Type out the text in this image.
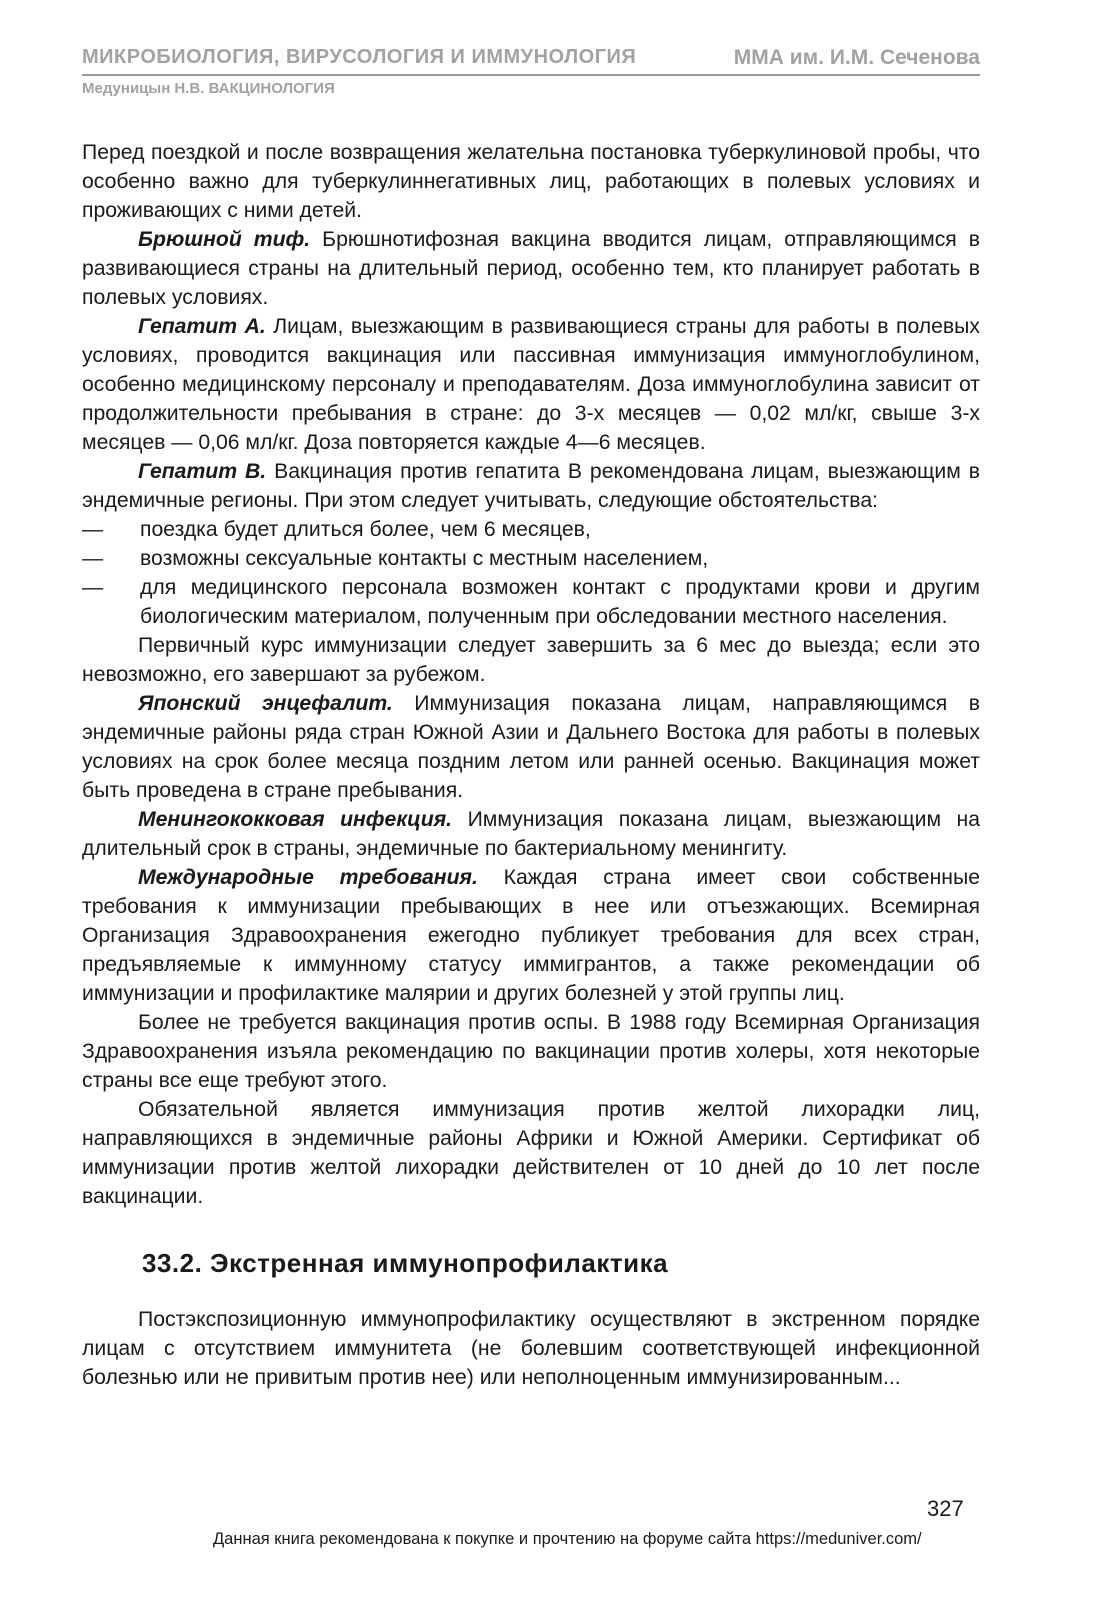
МИКРОБИОЛОГИЯ, ВИРУСОЛОГИЯ И ИММУНОЛОГИЯ	ММА им. И.М. Сеченова
Медуницын Н.В. ВАКЦИНОЛОГИЯ

Перед поездкой и после возвращения желательна постановка туберкулиновой пробы, что особенно важно для туберкулиннегативных лиц, работающих в полевых условиях и проживающих с ними детей.

Брюшной тиф. Брюшнотифозная вакцина вводится лицам, отправляющимся в развивающиеся страны на длительный период, особенно тем, кто планирует работать в полевых условиях.

Гепатит А. Лицам, выезжающим в развивающиеся страны для работы в полевых условиях, проводится вакцинация или пассивная иммунизация иммуноглобулином, особенно медицинскому персоналу и преподавателям. Доза иммуноглобулина зависит от продолжительности пребывания в стране: до 3-х месяцев — 0,02 мл/кг, свыше 3-х месяцев — 0,06 мл/кг. Доза повторяется каждые 4—6 месяцев.

Гепатит В. Вакцинация против гепатита В рекомендована лицам, выезжающим в эндемичные регионы. При этом следует учитывать, следующие обстоятельства:

— поездка будет длиться более, чем 6 месяцев,

— возможны сексуальные контакты с местным населением,

— для медицинского персонала возможен контакт с продуктами крови и другим биологическим материалом, полученным при обследовании местного населения.

Первичный курс иммунизации следует завершить за 6 мес до выезда; если это невозможно, его завершают за рубежом.

Японский энцефалит. Иммунизация показана лицам, направляющимся в эндемичные районы ряда стран Южной Азии и Дальнего Востока для работы в полевых условиях на срок более месяца поздним летом или ранней осенью. Вакцинация может быть проведена в стране пребывания.

Менингококковая инфекция. Иммунизация показана лицам, выезжающим на длительный срок в страны, эндемичные по бактериальному менингиту.

Международные требования. Каждая страна имеет свои собственные требования к иммунизации пребывающих в нее или отъезжающих. Всемирная Организация Здравоохранения ежегодно публикует требования для всех стран, предъявляемые к иммунному статусу иммигрантов, а также рекомендации об иммунизации и профилактике малярии и других болезней у этой группы лиц.

Более не требуется вакцинация против оспы. В 1988 году Всемирная Организация Здравоохранения изъяла рекомендацию по вакцинации против холеры, хотя некоторые страны все еще требуют этого.

Обязательной является иммунизация против желтой лихорадки лиц, направляющихся в эндемичные районы Африки и Южной Америки. Сертификат об иммунизации против желтой лихорадки действителен от 10 дней до 10 лет после вакцинации.

33.2. Экстренная иммунопрофилактика

Постэкспозиционную иммунопрофилактику осуществляют в экстренном порядке лицам с отсутствием иммунитета (не болевшим соответствующей инфекционной болезнью или не привитым против нее) или неполноценным иммунизированным...

327
Данная книга рекомендована к покупке и прочтению на форуме сайта https://meduniver.com/
